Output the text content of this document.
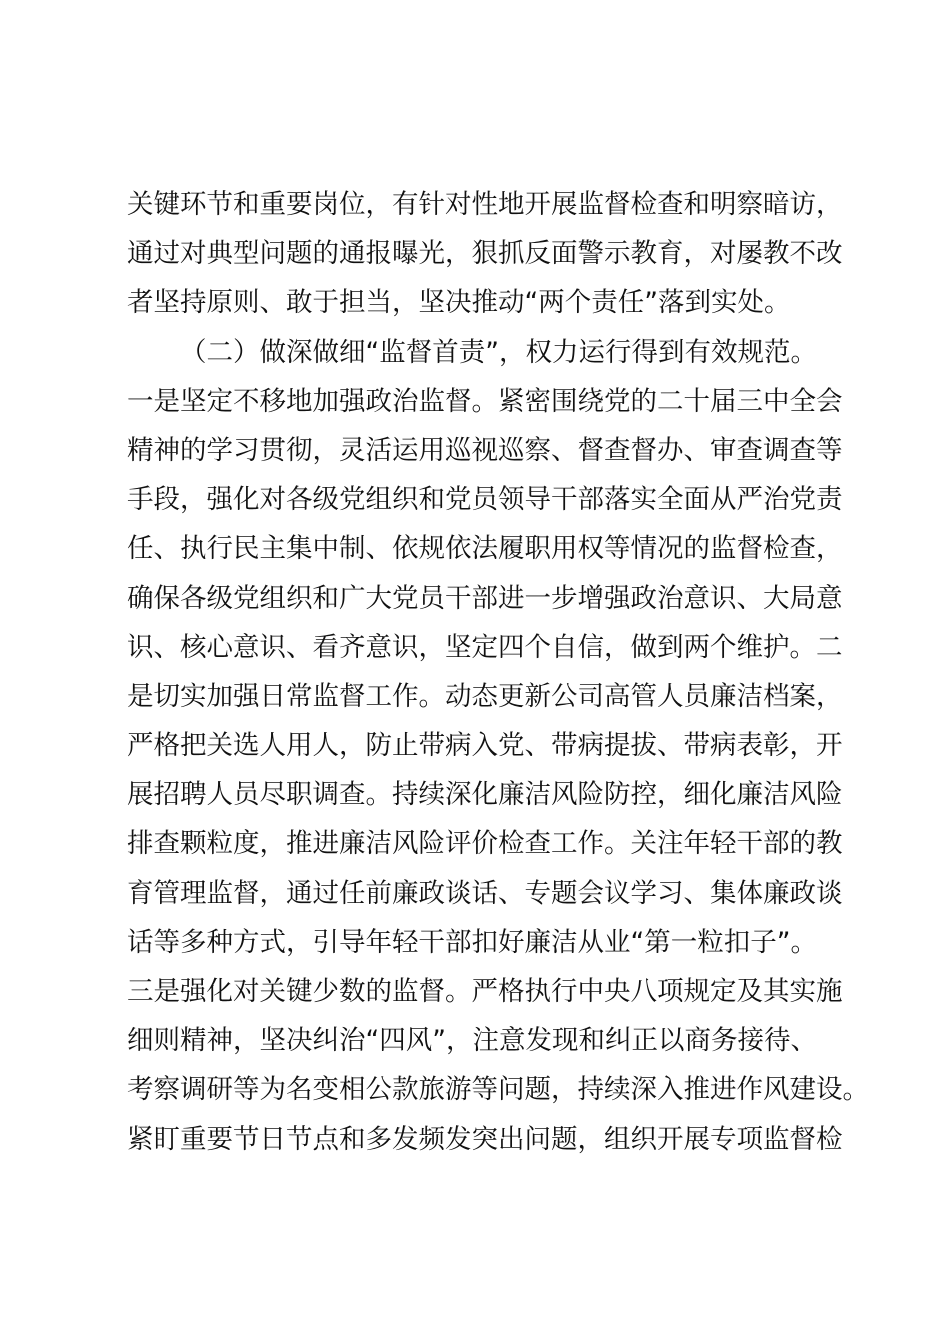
关键环节和重要岗位，有针对性地开展监督检查和明察暗访，
通过对典型问题的通报曝光，狠抓反面警示教育，对屡教不改
者坚持原则、敢于担当，坚决推动“两个责任”落到实处。
（二）做深做细“监督首责”，权力运行得到有效规范。
一是坚定不移地加强政治监督。紧密围绕党的二十届三中全会
精神的学习贯彻，灵活运用巡视巡察、督查督办、审查调查等
手段，强化对各级党组织和党员领导干部落实全面从严治党责
任、执行民主集中制、依规依法履职用权等情况的监督检查，
确保各级党组织和广大党员干部进一步增强政治意识、大局意
识、核心意识、看齐意识，坚定四个自信，做到两个维护。二
是切实加强日常监督工作。动态更新公司高管人员廉洁档案，
严格把关选人用人，防止带病入党、带病提拔、带病表彰，开
展招聘人员尽职调查。持续深化廉洁风险防控，细化廉洁风险
排查颗粒度，推进廉洁风险评价检查工作。关注年轻干部的教
育管理监督，通过任前廉政谈话、专题会议学习、集体廉政谈
话等多种方式，引导年轻干部扣好廉洁从业“第一粒扣子”。
三是强化对关键少数的监督。严格执行中央八项规定及其实施
细则精神，坚决纠治“四风”，注意发现和纠正以商务接待、
考察调研等为名变相公款旅游等问题，持续深入推进作风建设。
紧盯重要节日节点和多发频发突出问题，组织开展专项监督检
